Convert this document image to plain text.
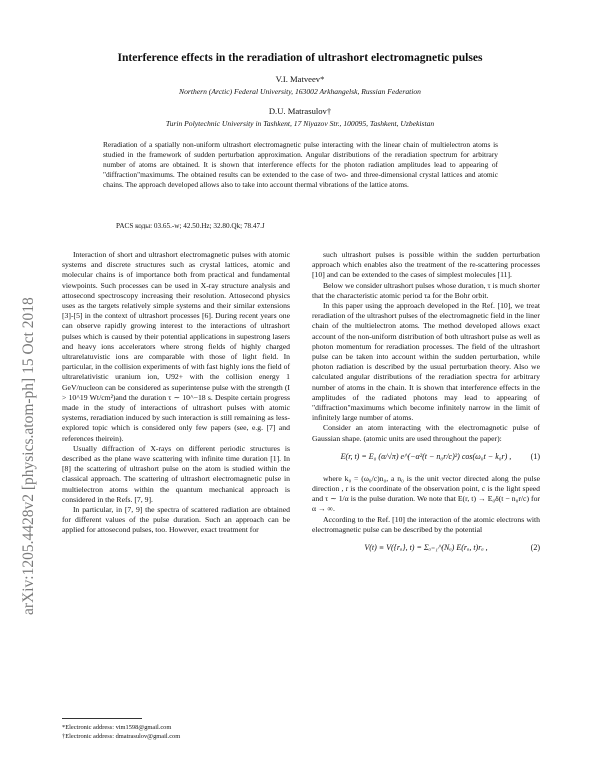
arXiv:1205.4428v2 [physics.atom-ph] 15 Oct 2018
Interference effects in the reradiation of ultrashort electromagnetic pulses
V.I. Matveev*
Northern (Arctic) Federal University, 163002 Arkhangelsk, Russian Federation
D.U. Matrasulov†
Turin Polytechnic University in Tashkent, 17 Niyazov Str., 100095, Tashkent, Uzbekistan
Reradiation of a spatially non-uniform ultrashort electromagnetic pulse interacting with the linear chain of multielectron atoms is studied in the framework of sudden perturbation approximation. Angular distributions of the reradiation spectrum for arbitrary number of atoms are obtained. It is shown that interference effects for the photon radiation amplitudes lead to appearing of "diffraction"maximums. The obtained results can be extended to the case of two- and three-dimensional crystal lattices and atomic chains. The approach developed allows also to take into account thermal vibrations of the lattice atoms.
PACS коды: 03.65.-w; 42.50.Hz; 32.80.Qk; 78.47.J

Interaction of short and ultrashort electromagnetic pulses with atomic systems and discrete structures such as crystal lattices, atomic and molecular chains is of importance both from practical and fundamental viewpoints. Such processes can be used in X-ray structure analysis and attosecond spectroscopy increasing their resolution. Attosecond physics uses as the targets relatively simple systems and their similar extensions [3]-[5] in the context of ultrashort processes [6]. During recent years one can observe rapidly growing interest to the interactions of ultrashort pulses which is caused by their potential applications in supestrong lasers and heavy ions accelerators where strong fields of highly charged ultrarelatuvistic ions are comparable with those of light field. In particular, in the collision experiments of with fast highly ions the field of ultrarelativistic uranium ion, U92+ with the collision energy 1 GeV/nucleon can be considered as superintense pulse with the strength (I > 10^19 Wt/cm²)and the duration τ ∼ 10^−18 s. Despite certain progress made in the study of interactions of ultrashort pulses with atomic systems, reradiation induced by such interaction is still remaining as less-explored topic which is considered only few papers (see, e.g. [7] and references theirein).

Usually diffraction of X-rays on different periodic structures is described as the plane wave scattering with infinite time duration [1]. In [8] the scattering of ultrashort pulse on the atom is studied within the classical approach. The scattering of ultrashort electromagnetic pulse in multielectron atoms within the quantum mechanical approach is considered in the Refs. [7, 9].

In particular, in [7, 9] the spectra of scattered radiation are obtained for different values of the pulse duration. Such an approach can be applied for attosecond pulses, too. However, exact treatment for

such ultrashort pulses is possible within the sudden perturbation approach which enables also the treatment of the re-scattering processes [10] and can be extended to the cases of simplest molecules [11].

Below we consider ultrashort pulses whose duration, τ is much shorter that the characteristic atomic period τa for the Bohr orbit.

In this paper using the approach developed in the Ref. [10], we treat reradiation of the ultrashort pulses of the electromagnetic field in the liner chain of the multielectron atoms. The method developed allows exact account of the non-uniform distribution of both ultrashort pulse as well as photon momentum for reradiation processes. The field of the ultrashort pulse can be taken into account within the sudden perturbation, while photon radiation is described by the usual perturbation theory. Also we calculated angular distributions of the reradiation spectra for arbitrary number of atoms in the chain. It is shown that interference effects in the amplitudes of the radiated photons may lead to appearing of "diffraction"maximums which become infinitely narrow in the limit of infinitely large number of atoms.

Consider an atom interacting with the electromagnetic pulse of Gaussian shape. (atomic units are used throughout the paper):

E(r, t) = E₀ (α/√π) e^(−α²(t − n₀r/c)²) cos(ω₀t − k₀r) ,	(1)

where k₀ = (ω₀/c)n₀, a n₀ is the unit vector directed along the pulse direction , r is the coordinate of the observation point, c is the light speed and τ ∼ 1/α is the pulse duration. We note that E(r, t) → E₀δ(t − n₀r/c) for α → ∞.

According to the Ref. [10] the interaction of the atomic electrons with electromagnetic pulse can be described by the potential

V(t) ≡ V({rₐ}, t) = Σₐ₌₁^(Nₐ) E(rₐ, t)rₐ ,	(2)
*Electronic address: vim1598@gmail.com
†Electronic address: dmatrasulov@gmail.com
